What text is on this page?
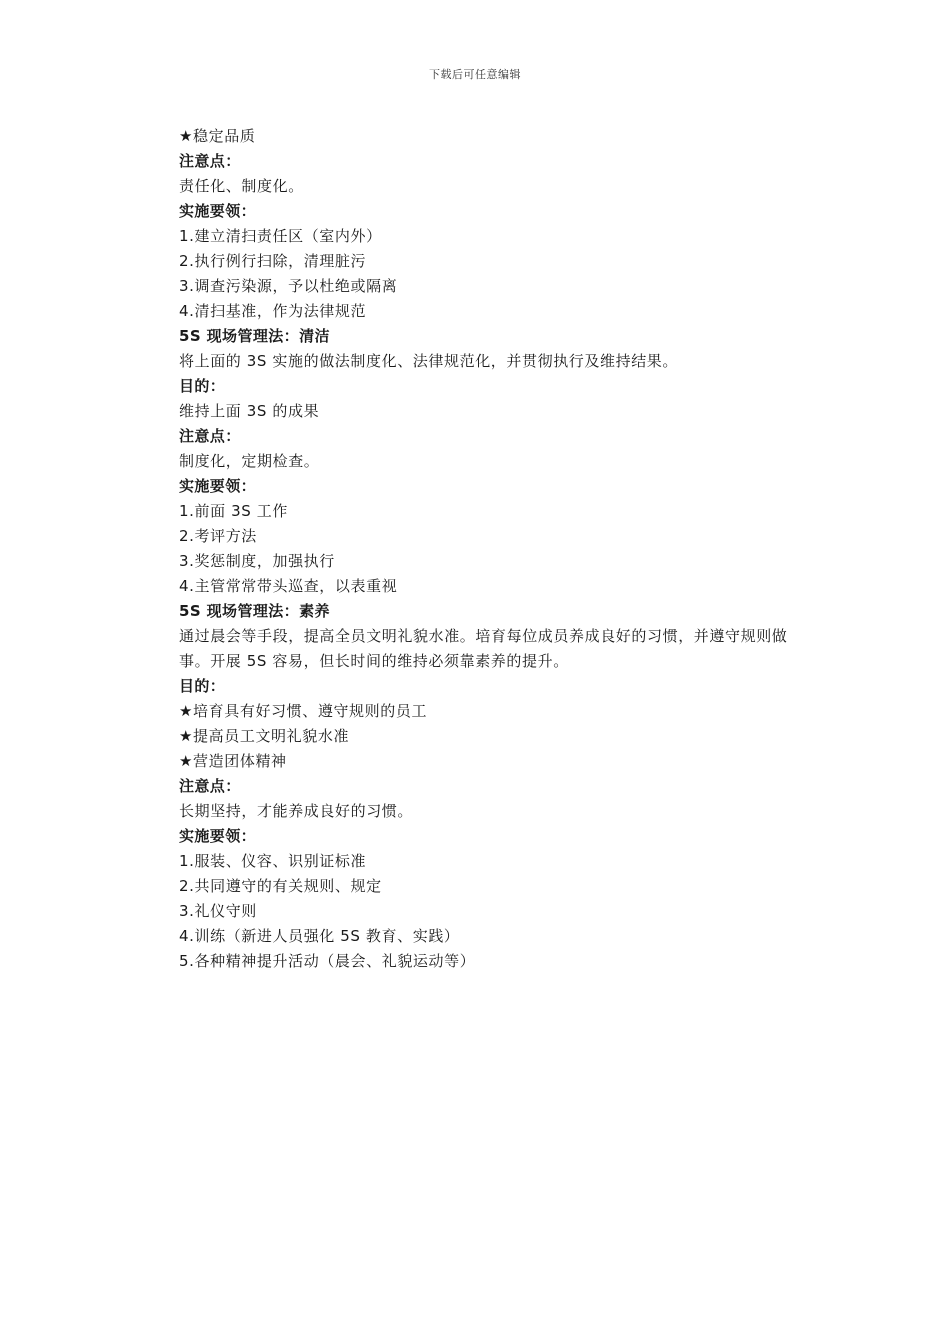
下载后可任意编辑
★稳定品质
注意点：
责任化、制度化。
实施要领：
1.建立清扫责任区（室内外）
2.执行例行扫除，清理脏污
3.调查污染源，予以杜绝或隔离
4.清扫基准，作为法律规范
5S 现场管理法：清洁
将上面的 3S 实施的做法制度化、法律规范化，并贯彻执行及维持结果。
目的：
维持上面 3S 的成果
注意点：
制度化，定期检查。
实施要领：
1.前面 3S 工作
2.考评方法
3.奖惩制度，加强执行
4.主管常常带头巡查，以表重视
5S 现场管理法：素养
通过晨会等手段，提高全员文明礼貌水准。培育每位成员养成良好的习惯，并遵守规则做事。开展 5S 容易，但长时间的维持必须靠素养的提升。
目的：
★培育具有好习惯、遵守规则的员工
★提高员工文明礼貌水准
★营造团体精神
注意点：
长期坚持，才能养成良好的习惯。
实施要领：
1.服装、仪容、识别证标准
2.共同遵守的有关规则、规定
3.礼仪守则
4.训练（新进人员强化 5S 教育、实践）
5.各种精神提升活动（晨会、礼貌运动等）
